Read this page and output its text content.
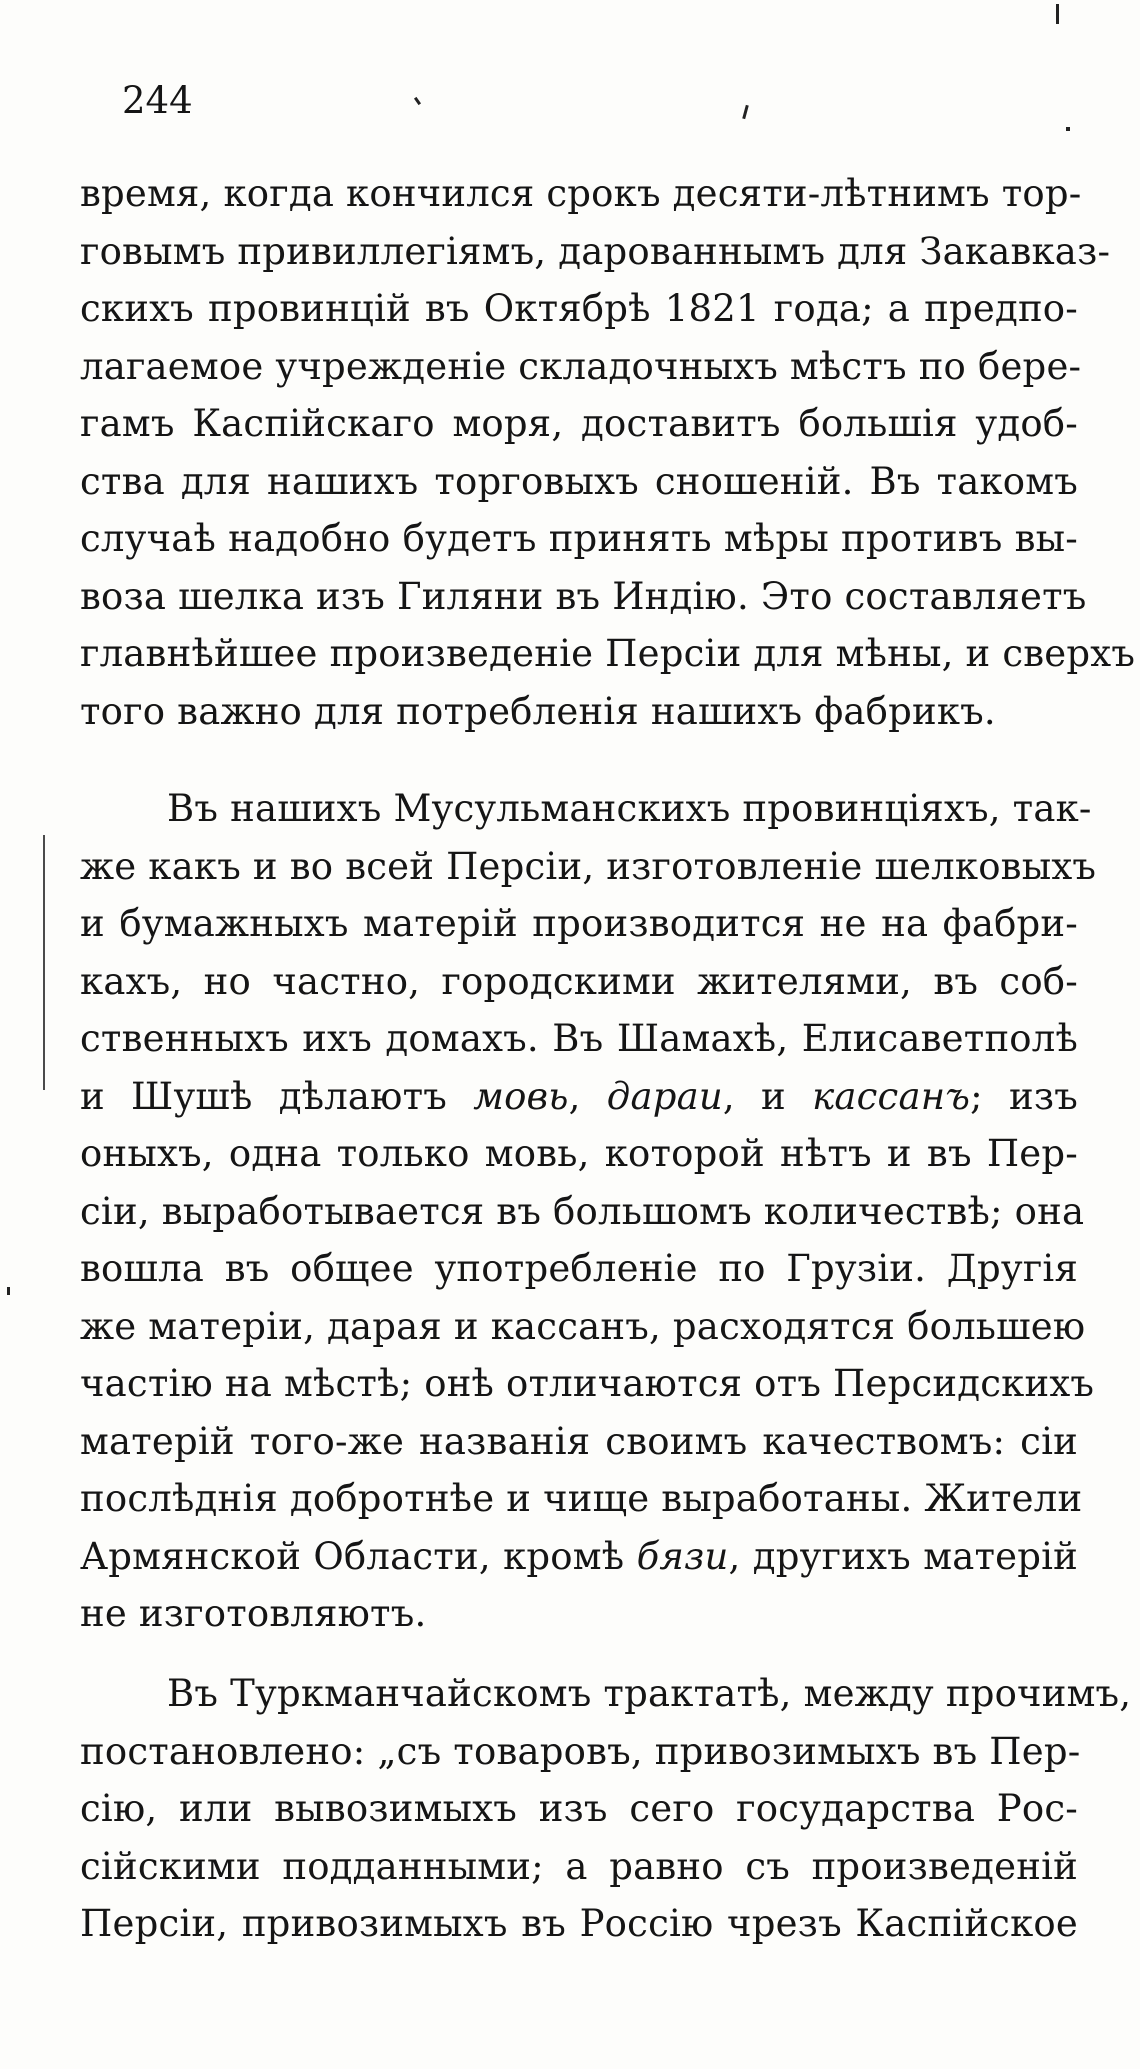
244
время, когда кончился срокъ десяти-лѣтнимъ тор-
говымъ привиллегіямъ, дарованнымъ для Закавказ-
скихъ провинцій въ Октябрѣ 1821 года; а предпо-
лагаемое учрежденіе складочныхъ мѣстъ по бере-
гамъ Каспійскаго моря, доставитъ большія удоб-
ства для нашихъ торговыхъ сношеній. Въ такомъ
случаѣ надобно будетъ принять мѣры противъ вы-
воза шелка изъ Гиляни въ Индію. Это составляетъ
главнѣйшее произведеніе Персіи для мѣны, и сверхъ
того важно для потребленія нашихъ фабрикъ.
Въ нашихъ Мусульманскихъ провинціяхъ, так-
же какъ и во всей Персіи, изготовленіе шелковыхъ
и бумажныхъ матерій производится не на фабри-
кахъ, но частно, городскими жителями, въ соб-
ственныхъ ихъ домахъ. Въ Шамахѣ, Елисаветполѣ
и Шушѣ дѣлаютъ мовь, дараи, и кассанъ; изъ
оныхъ, одна только мовь, которой нѣтъ и въ Пер-
сіи, выработывается въ большомъ количествѣ; она
вошла въ общее употребленіе по Грузіи. Другія
же матеріи, дарая и кассанъ, расходятся большею
частію на мѣстѣ; онѣ отличаются отъ Персидскихъ
матерій того-же названія своимъ качествомъ: сіи
послѣднія добротнѣе и чище выработаны. Жители
Армянской Области, кромѣ бязи, другихъ матерій
не изготовляютъ.
Въ Туркманчайскомъ трактатѣ, между прочимъ,
постановлено: „съ товаровъ, привозимыхъ въ Пер-
сію, или вывозимыхъ изъ сего государства Рос-
сійскими подданными; а равно съ произведеній
Персіи, привозимыхъ въ Россію чрезъ Каспійское
